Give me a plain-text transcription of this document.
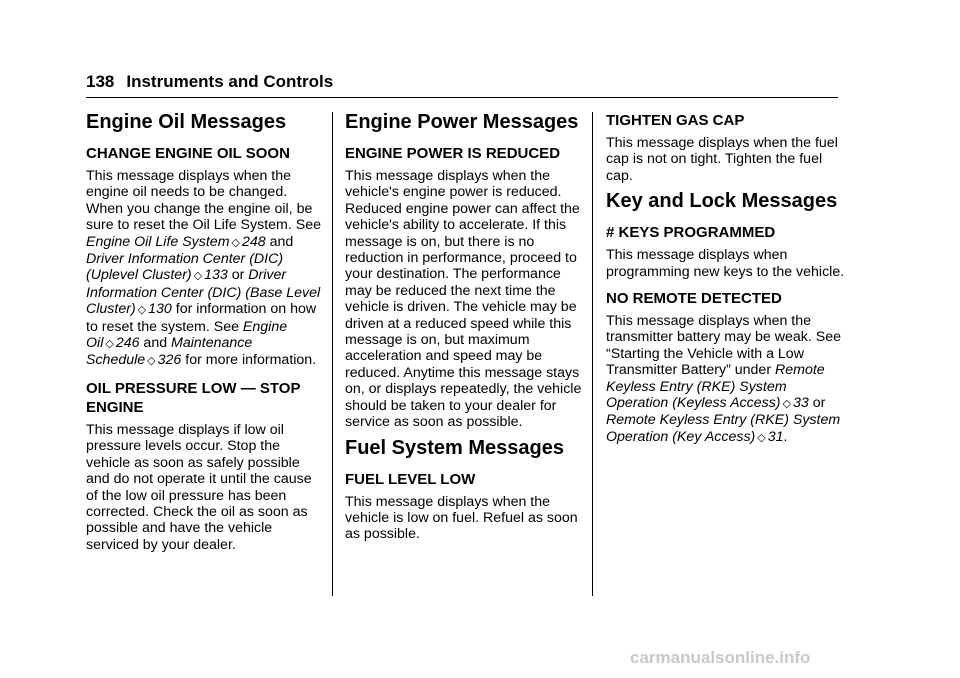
138 Instruments and Controls
Engine Oil Messages
CHANGE ENGINE OIL SOON

This message displays when the engine oil needs to be changed. When you change the engine oil, be sure to reset the Oil Life System. See Engine Oil Life System ◇ 248 and Driver Information Center (DIC) (Uplevel Cluster) ◇ 133 or Driver Information Center (DIC) (Base Level Cluster) ◇ 130 for information on how to reset the system. See Engine Oil ◇ 246 and Maintenance Schedule ◇ 326 for more information.

OIL PRESSURE LOW — STOP ENGINE

This message displays if low oil pressure levels occur. Stop the vehicle as soon as safely possible and do not operate it until the cause of the low oil pressure has been corrected. Check the oil as soon as possible and have the vehicle serviced by your dealer.

Engine Power Messages
ENGINE POWER IS REDUCED

This message displays when the vehicle's engine power is reduced. Reduced engine power can affect the vehicle's ability to accelerate. If this message is on, but there is no reduction in performance, proceed to your destination. The performance may be reduced the next time the vehicle is driven. The vehicle may be driven at a reduced speed while this message is on, but maximum acceleration and speed may be reduced. Anytime this message stays on, or displays repeatedly, the vehicle should be taken to your dealer for service as soon as possible.

Fuel System Messages
FUEL LEVEL LOW

This message displays when the vehicle is low on fuel. Refuel as soon as possible.

TIGHTEN GAS CAP

This message displays when the fuel cap is not on tight. Tighten the fuel cap.

Key and Lock Messages
# KEYS PROGRAMMED

This message displays when programming new keys to the vehicle.

NO REMOTE DETECTED

This message displays when the transmitter battery may be weak. See “Starting the Vehicle with a Low Transmitter Battery” under Remote Keyless Entry (RKE) System Operation (Keyless Access) ◇ 33 or Remote Keyless Entry (RKE) System Operation (Key Access) ◇ 31.

carmanualsonline.info
